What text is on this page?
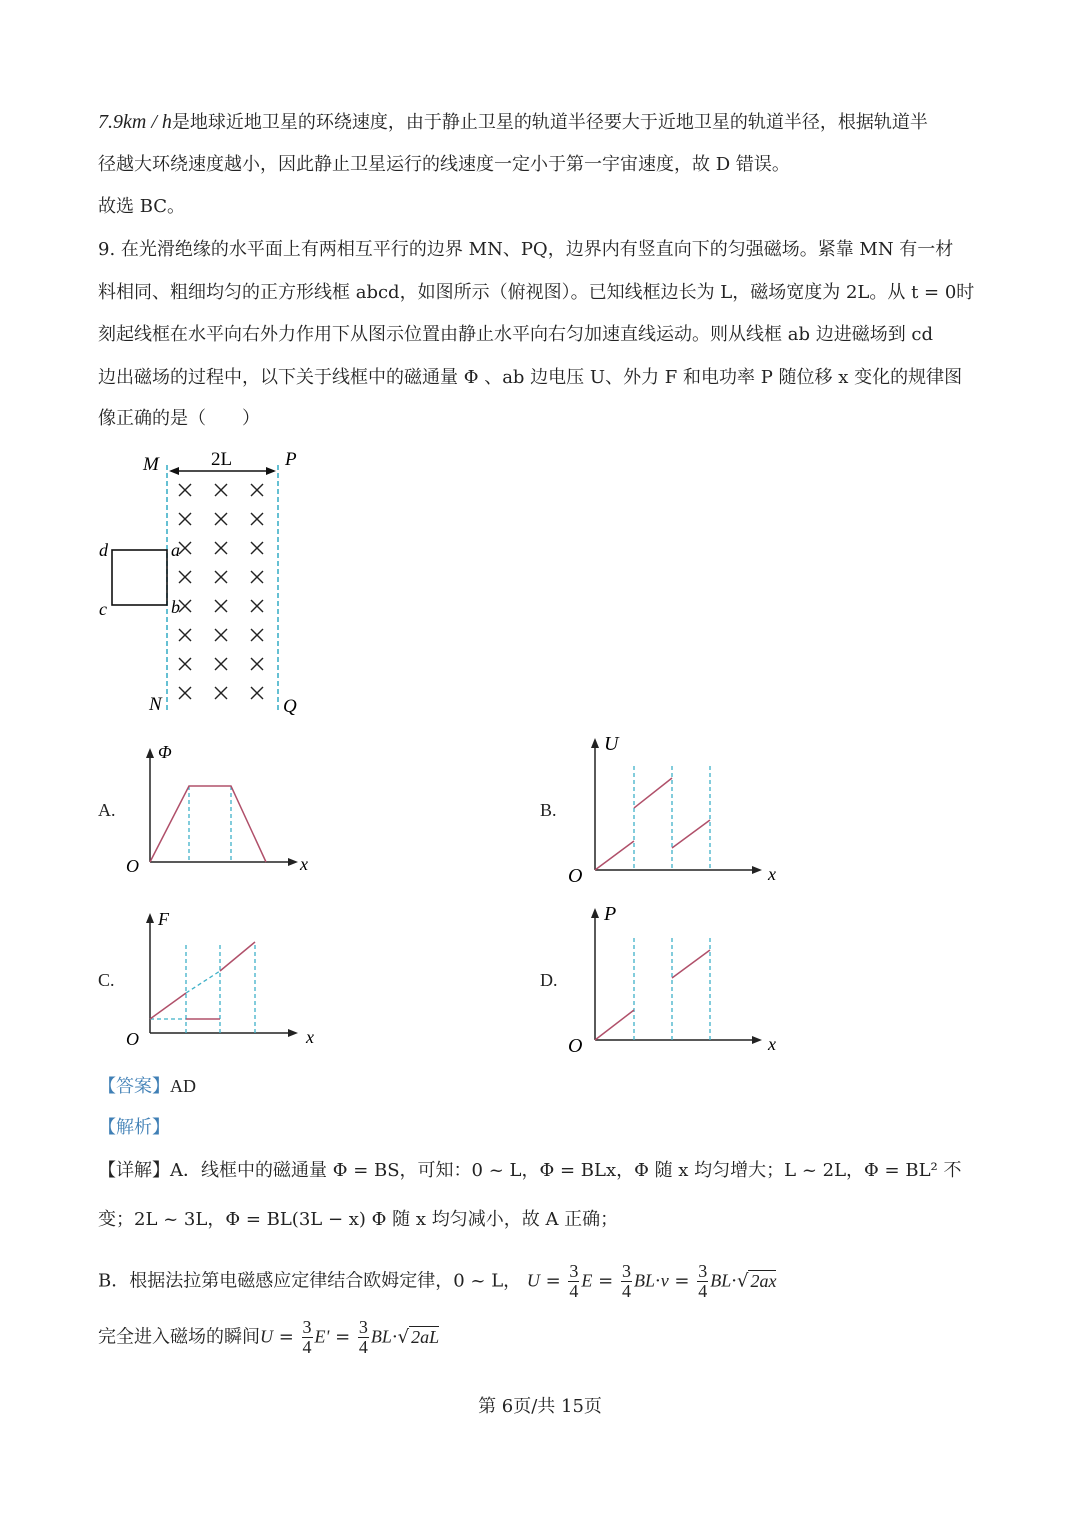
7.9km / h是地球近地卫星的环绕速度，由于静止卫星的轨道半径要大于近地卫星的轨道半径，根据轨道半
径越大环绕速度越小，因此静止卫星运行的线速度一定小于第一宇宙速度，故 D 错误。
故选 BC。
9. 在光滑绝缘的水平面上有两相互平行的边界 MN、PQ，边界内有竖直向下的匀强磁场。紧靠 MN 有一材
料相同、粗细均匀的正方形线框 abcd，如图所示（俯视图）。已知线框边长为 L，磁场宽度为 2L。从 t = 0时
刻起线框在水平向右外力作用下从图示位置由静止水平向右匀加速直线运动。则从线框 ab 边进磁场到 cd
边出磁场的过程中，以下关于线框中的磁通量 Φ 、ab 边电压 U、外力 F 和电功率 P 随位移 x 变化的规律图
像正确的是（　　）
2L
M	P
N	Q
d	a
c	b
A.
Φ
x
O
B.
U
x
O
C.
F
x
O
D.
P
x
O
【答案】AD
【解析】
【详解】A．线框中的磁通量 Φ = BS，可知：0 ~ L，Φ = BLx，Φ 随 x 均匀增大；L ~ 2L，Φ = BL² 不
变；2L ~ 3L，Φ = BL(3L − x) Φ 随 x 均匀减小，故 A 正确；
B．根据法拉第电磁感应定律结合欧姆定律，0 ~ L， $U = \frac{3}{4}$ $E = \frac{3}{4} BL\cdot v = \frac{3}{4} BL\cdot√$ 2ax
完全进入磁场的瞬间$U = \frac{3}{4} E' = \frac{3}{4} BL\cdot√$ 2aL
第 6页/共 15页
